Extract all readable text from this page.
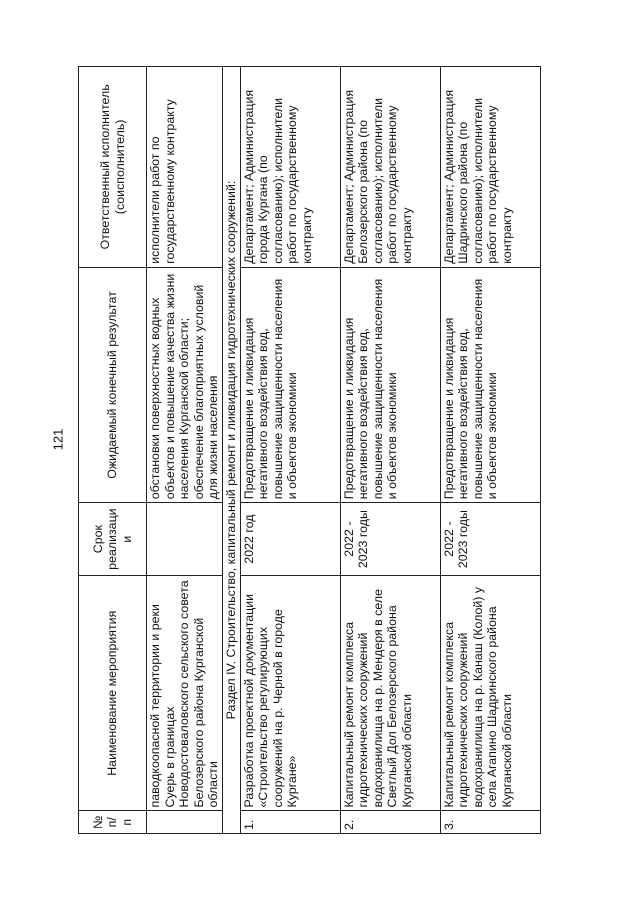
121
№ п/п	Наименование мероприятия	Срок реализации	Ожидаемый конечный результат	Ответственный исполнитель (соисполнитель)
	паводкоопасной территории и реки Суерь в границах Новодостоваловского сельского совета Белозерского района Курганской области		обстановки поверхностных водных объектов и повышение качества жизни населения Курганской области; обеспечение благоприятных условий для жизни населения	исполнители работ по государственному контракту
Раздел IV. Строительство, капитальный ремонт и ликвидация гидротехнических сооружений:				
1.	Разработка проектной документации «Строительство регулирующих сооружений на р. Черной в городе Кургане»	2022 год	Предотвращение и ликвидация негативного воздействия вод, повышение защищенности населения и объектов экономики	Департамент; Администрация города Кургана (по согласованию); исполнители работ по государственному контракту
2.	Капитальный ремонт комплекса гидротехнических сооружений водохранилища на р. Мендеря в селе Светлый Дол Белозерского района Курганской области	2022 - 2023 годы	Предотвращение и ликвидация негативного воздействия вод, повышение защищенности населения и объектов экономики	Департамент; Администрация Белозерского района (по согласованию); исполнители работ по государственному контракту
3.	Капитальный ремонт комплекса гидротехнических сооружений водохранилища на р. Канаш (Колой) у села Агапино Шадринского района Курганской области	2022 - 2023 годы	Предотвращение и ликвидация негативного воздействия вод, повышение защищенности населения и объектов экономики	Департамент; Администрация Шадринского района (по согласованию); исполнители работ по государственному контракту
